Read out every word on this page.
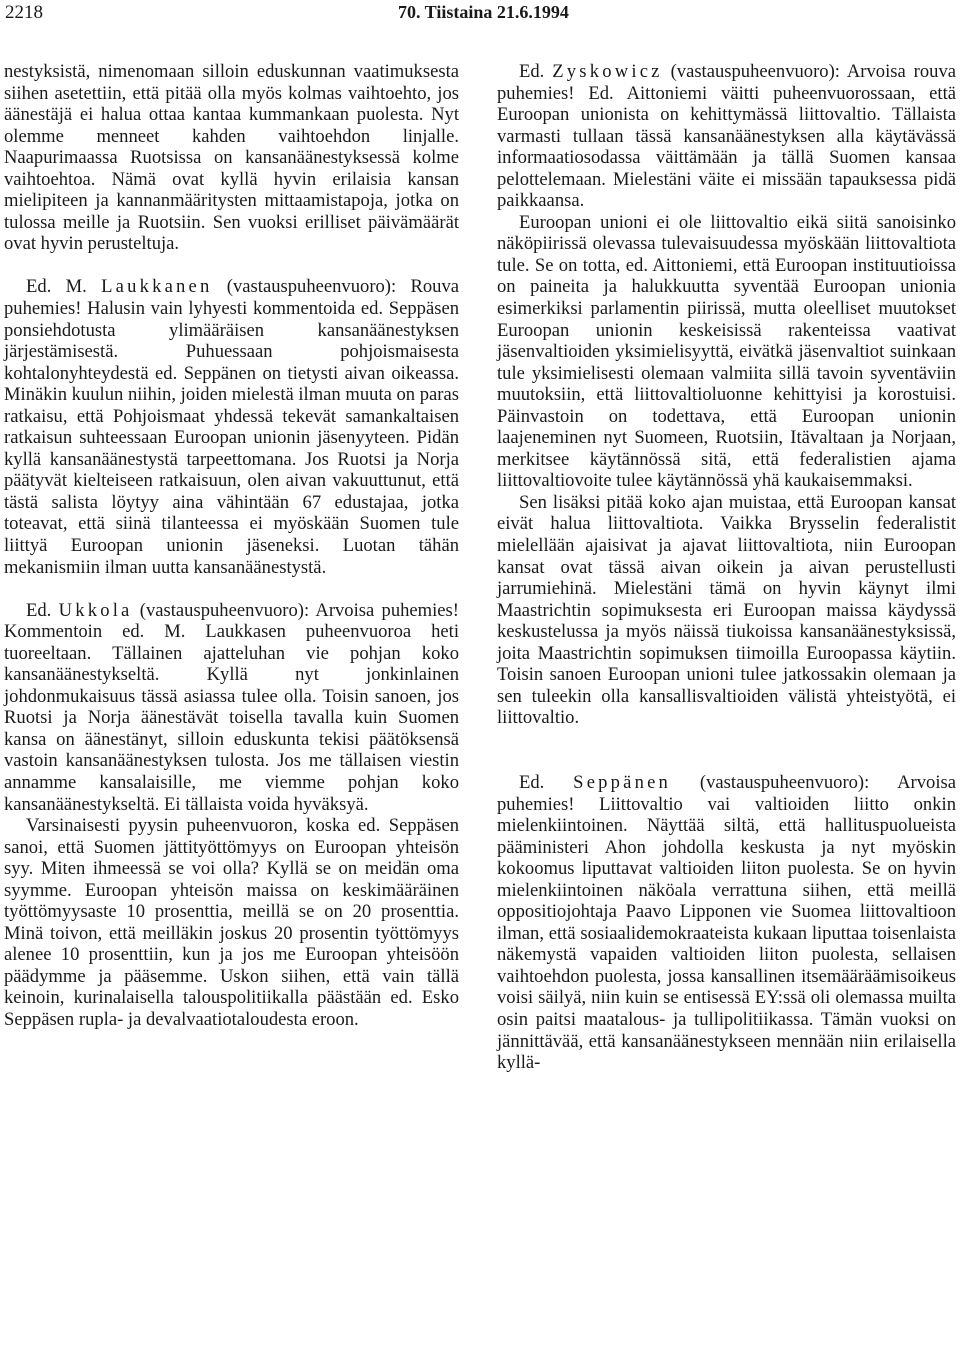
2218	70. Tiistaina 21.6.1994

nestyksistä, nimenomaan silloin eduskunnan vaatimuksesta siihen asetettiin, että pitää olla myös kolmas vaihtoehto, jos äänestäjä ei halua ottaa kantaa kummankaan puolesta. Nyt olemme menneet kahden vaihtoehdon linjalle. Naapurimaassa Ruotsissa on kansanäänestyksessä kolme vaihtoehtoa. Nämä ovat kyllä hyvin erilaisia kansan mielipiteen ja kannanmääritysten mittaamistapoja, jotka on tulossa meille ja Ruotsiin. Sen vuoksi erilliset päivämäärät ovat hyvin perusteltuja.

Ed. M. Laukkanen (vastauspuheenvuoro): Rouva puhemies! Halusin vain lyhyesti kommentoida ed. Seppäsen ponsiehdotusta ylimääräisen kansanäänestyksen järjestämisestä. Puhuessaan pohjoismaisesta kohtalonyhteydestä ed. Seppänen on tietysti aivan oikeassa. Minäkin kuulun niihin, joiden mielestä ilman muuta on paras ratkaisu, että Pohjoismaat yhdessä tekevät samankaltaisen ratkaisun suhteessaan Euroopan unionin jäsenyyteen. Pidän kyllä kansanäänestystä tarpeettomana. Jos Ruotsi ja Norja päätyvät kielteiseen ratkaisuun, olen aivan vakuuttunut, että tästä salista löytyy aina vähintään 67 edustajaa, jotka toteavat, että siinä tilanteessa ei myöskään Suomen tule liittyä Euroopan unionin jäseneksi. Luotan tähän mekanismiin ilman uutta kansanäänestystä.

Ed. Ukkola (vastauspuheenvuoro): Arvoisa puhemies! Kommentoin ed. M. Laukkasen puheenvuoroa heti tuoreeltaan. Tällainen ajatteluhan vie pohjan koko kansanäänestykseltä. Kyllä nyt jonkinlainen johdonmukaisuus tässä asiassa tulee olla. Toisin sanoen, jos Ruotsi ja Norja äänestävät toisella tavalla kuin Suomen kansa on äänestänyt, silloin eduskunta tekisi päätöksensä vastoin kansanäänestyksen tulosta. Jos me tällaisen viestin annamme kansalaisille, me viemme pohjan koko kansanäänestykseltä. Ei tällaista voida hyväksyä.

Varsinaisesti pyysin puheenvuoron, koska ed. Seppäsen sanoi, että Suomen jättityöttömyys on Euroopan yhteisön syy. Miten ihmeessä se voi olla? Kyllä se on meidän oma syymme. Euroopan yhteisön maissa on keskimääräinen työttömyysaste 10 prosenttia, meillä se on 20 prosenttia. Minä toivon, että meilläkin joskus 20 prosentin työttömyys alenee 10 prosenttiin, kun ja jos me Euroopan yhteisöön päädymme ja pääsemme. Uskon siihen, että vain tällä keinoin, kurinalaisella talouspolitiikalla päästään ed. Esko Seppäsen rupla- ja devalvaatiotaloudesta eroon.

Ed. Zyskowicz (vastauspuheenvuoro): Arvoisa rouva puhemies! Ed. Aittoniemi väitti puheenvuorossaan, että Euroopan unionista on kehittymässä liittovaltio. Tällaista varmasti tullaan tässä kansanäänestyksen alla käytävässä informaatiosodassa väittämään ja tällä Suomen kansaa pelottelemaan. Mielestäni väite ei missään tapauksessa pidä paikkaansa.

Euroopan unioni ei ole liittovaltio eikä siitä sanoisinko näköpiirissä olevassa tulevaisuudessa myöskään liittovaltiota tule. Se on totta, ed. Aittoniemi, että Euroopan instituutioissa on paineita ja halukkuutta syventää Euroopan unionia esimerkiksi parlamentin piirissä, mutta oleelliset muutokset Euroopan unionin keskeisissä rakenteissa vaativat jäsenvaltioiden yksimielisyyttä, eivätkä jäsenvaltiot suinkaan tule yksimielisesti olemaan valmiita sillä tavoin syventäviin muutoksiin, että liittovaltioluonne kehittyisi ja korostuisi. Päinvastoin on todettava, että Euroopan unionin laajeneminen nyt Suomeen, Ruotsiin, Itävaltaan ja Norjaan, merkitsee käytännössä sitä, että federalistien ajama liittovaltiovoite tulee käytännössä yhä kaukaisemmaksi.

Sen lisäksi pitää koko ajan muistaa, että Euroopan kansat eivät halua liittovaltiota. Vaikka Brysselin federalistit mielellään ajaisivat ja ajavat liittovaltiota, niin Euroopan kansat ovat tässä aivan oikein ja aivan perustellusti jarrumiehinä. Mielestäni tämä on hyvin käynyt ilmi Maastrichtin sopimuksesta eri Euroopan maissa käydyssä keskustelussa ja myös näissä tiukoissa kansanäänestyksissä, joita Maastrichtin sopimuksen tiimoilla Euroopassa käytiin. Toisin sanoen Euroopan unioni tulee jatkossakin olemaan ja sen tuleekin olla kansallisvaltioiden välistä yhteistyötä, ei liittovaltio.

Ed. Seppänen (vastauspuheenvuoro): Arvoisa puhemies! Liittovaltio vai valtioiden liitto onkin mielenkiintoinen. Näyttää siltä, että hallituspuolueista pääministeri Ahon johdolla keskusta ja nyt myöskin kokoomus liputtavat valtioiden liiton puolesta. Se on hyvin mielenkiintoinen näköala verrattuna siihen, että meillä oppositiojohtaja Paavo Lipponen vie Suomea liittovaltioon ilman, että sosiaalidemokraateista kukaan liputtaa toisenlaista näkemystä vapaiden valtioiden liiton puolesta, sellaisen vaihtoehdon puolesta, jossa kansallinen itsemääräämisoikeus voisi säilyä, niin kuin se entisessä EY:ssä oli olemassa muilta osin paitsi maatalous- ja tullipolitiikassa. Tämän vuoksi on jännittävää, että kansanäänestykseen mennään niin erilaisella kyllä-
